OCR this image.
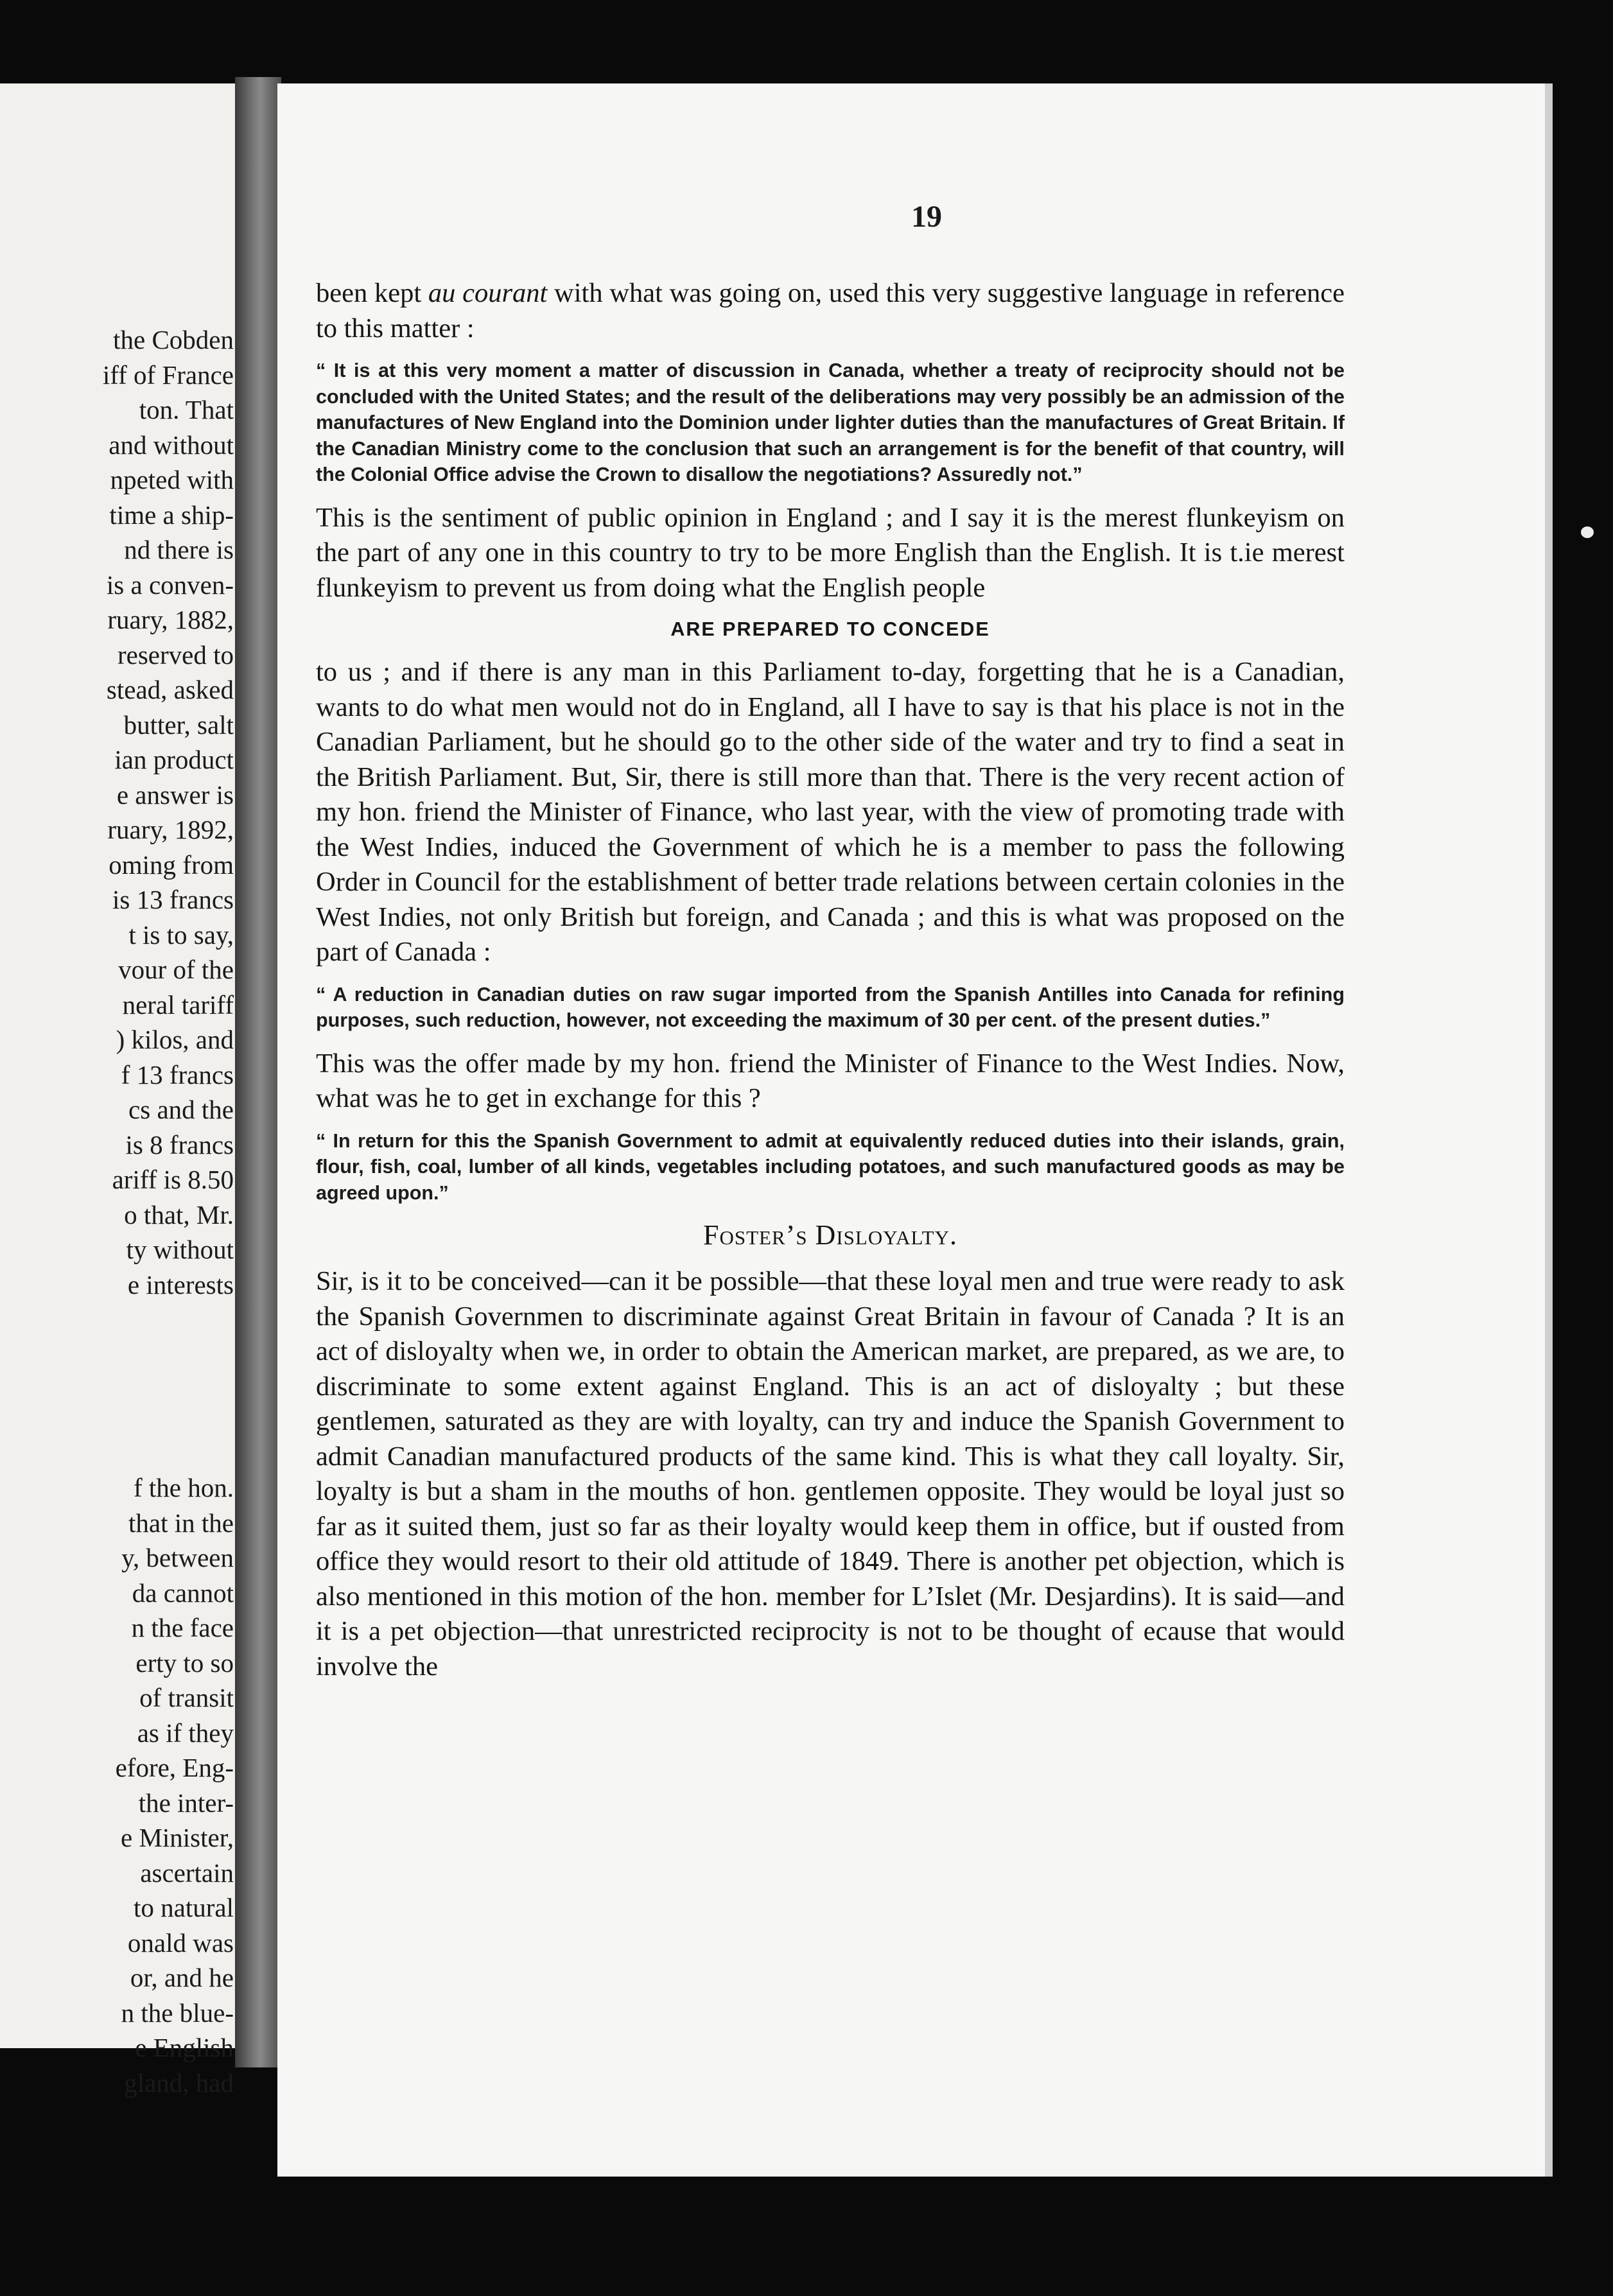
the Cobden
iff of France
ton. That
and without
npeted with
time a ship-
nd there is
is a conven-
ruary, 1882,
reserved to
stead, asked
butter, salt
ian product
e answer is
ruary, 1892,
oming from
is 13 francs
t is to say,
vour of the
neral tariff
) kilos, and
f 13 francs
cs and the
is 8 francs
ariff is 8.50
o that, Mr.
ty without
e interests
f the hon.
that in the
y, between
da cannot
n the face
erty to so
of transit
as if they
efore, Eng-
the inter-
e Minister,
ascertain
to natural
onald was
or, and he
n the blue-
e English
gland, had
19

been kept au courant with what was going on, used this very suggestive language in reference to this matter :

“ It is at this very moment a matter of discussion in Canada, whether a treaty of reciprocity should not be concluded with the United States; and the result of the deliberations may very possibly be an admission of the manufactures of New England into the Dominion under lighter duties than the manufactures of Great Britain. If the Canadian Ministry come to the conclusion that such an arrangement is for the benefit of that country, will the Colonial Office advise the Crown to disallow the negotiations? Assuredly not.”

This is the sentiment of public opinion in England ; and I say it is the merest flunkeyism on the part of any one in this country to try to be more English than the English. It is t.ie merest flunkeyism to prevent us from doing what the English people

ARE PREPARED TO CONCEDE

to us ; and if there is any man in this Parliament to-day, forgetting that he is a Canadian, wants to do what men would not do in England, all I have to say is that his place is not in the Canadian Parliament, but he should go to the other side of the water and try to find a seat in the British Parliament. But, Sir, there is still more than that. There is the very recent action of my hon. friend the Minister of Finance, who last year, with the view of promoting trade with the West Indies, induced the Government of which he is a member to pass the following Order in Council for the establishment of better trade relations between certain colonies in the West Indies, not only British but foreign, and Canada ; and this is what was proposed on the part of Canada :

“ A reduction in Canadian duties on raw sugar imported from the Spanish Antilles into Canada for refining purposes, such reduction, however, not exceeding the maximum of 30 per cent. of the present duties.”

This was the offer made by my hon. friend the Minister of Finance to the West Indies. Now, what was he to get in exchange for this ?

“ In return for this the Spanish Government to admit at equivalently reduced duties into their islands, grain, flour, fish, coal, lumber of all kinds, vegetables including potatoes, and such manufactured goods as may be agreed upon.”

Foster’s Disloyalty.

Sir, is it to be conceived—can it be possible—that these loyal men and true were ready to ask the Spanish Governmen to discriminate against Great Britain in favour of Canada ? It is an act of disloyalty when we, in order to obtain the American market, are prepared, as we are, to discriminate to some extent against England. This is an act of disloyalty ; but these gentlemen, saturated as they are with loyalty, can try and induce the Spanish Government to admit Canadian manufactured products of the same kind. This is what they call loyalty. Sir, loyalty is but a sham in the mouths of hon. gentlemen opposite. They would be loyal just so far as it suited them, just so far as their loyalty would keep them in office, but if ousted from office they would resort to their old attitude of 1849. There is another pet objection, which is also mentioned in this motion of the hon. member for L’Islet (Mr. Desjardins). It is said—and it is a pet objection—that unrestricted reciprocity is not to be thought of ecause that would involve the
